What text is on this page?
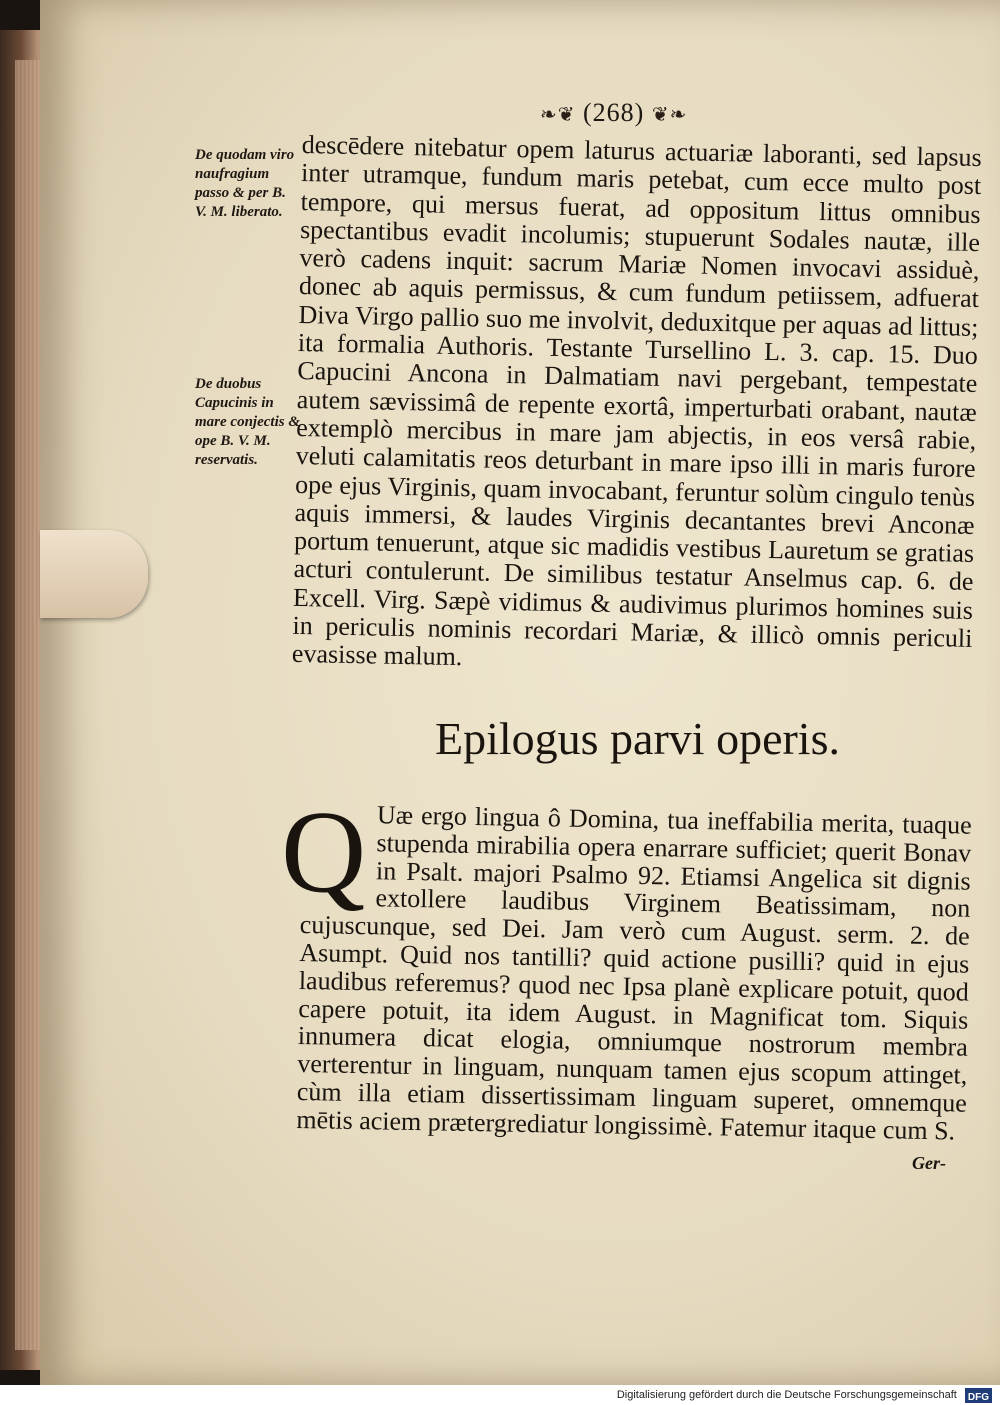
❧❦ (268) ❦❧
De quodam viro naufragium passo & per B. V. M. liberato.
De duobus Capucinis in mare conjectis & ope B. V. M. reservatis.
descēdere nitebatur opem laturus actuariæ laboranti, sed lapsus inter utramque, fundum maris petebat, cum ecce multo post tempore, qui mersus fuerat, ad oppositum littus omnibus spectantibus evadit incolumis; stupuerunt Sodales nautæ, ille verò cadens inquit: sacrum Mariæ Nomen invocavi assiduè, donec ab aquis permissus, & cum fundum petiissem, adfuerat Diva Virgo pallio suo me involvit, deduxitque per aquas ad littus; ita formalia Authoris. Testante Tursellino L. 3. cap. 15. Duo Capucini Ancona in Dalmatiam navi pergebant, tempestate autem sævissimâ de repente exortâ, imperturbati orabant, nautæ extemplò mercibus in mare jam abjectis, in eos versâ rabie, veluti calamitatis reos deturbant in mare ipso illi in maris furore ope ejus Virginis, quam invocabant, feruntur solùm cingulo tenùs aquis immersi, & laudes Virginis decantantes brevi Anconæ portum tenuerunt, atque sic madidis vestibus Lauretum se gratias acturi contulerunt. De similibus testatur Anselmus cap. 6. de Excell. Virg. Sæpè vidimus & audivimus plurimos homines suis in periculis nominis recordari Mariæ, & illicò omnis periculi evasisse malum.
Epilogus parvi operis.
Q Uæ ergo lingua ô Domina, tua ineffabilia merita, tuaque stupenda mirabilia opera enarrare sufficiet; querit Bonav in Psalt. majori Psalmo 92. Etiamsi Angelica sit dignis extollere laudibus Virginem Beatissimam, non cujuscunque, sed Dei. Jam verò cum August. serm. 2. de Asumpt. Quid nos tantilli? quid actione pusilli? quid in ejus laudibus referemus? quod nec Ipsa planè explicare potuit, quod capere potuit, ita idem August. in Magnificat tom. Siquis innumera dicat elogia, omniumque nostrorum membra verterentur in linguam, nunquam tamen ejus scopum attinget, cùm illa etiam dissertissimam linguam superet, omnemque mētis aciem prætergrediatur longissimè. Fatemur itaque cum S.
Ger-
Digitalisierung gefördert durch die Deutsche Forschungsgemeinschaft DFG
